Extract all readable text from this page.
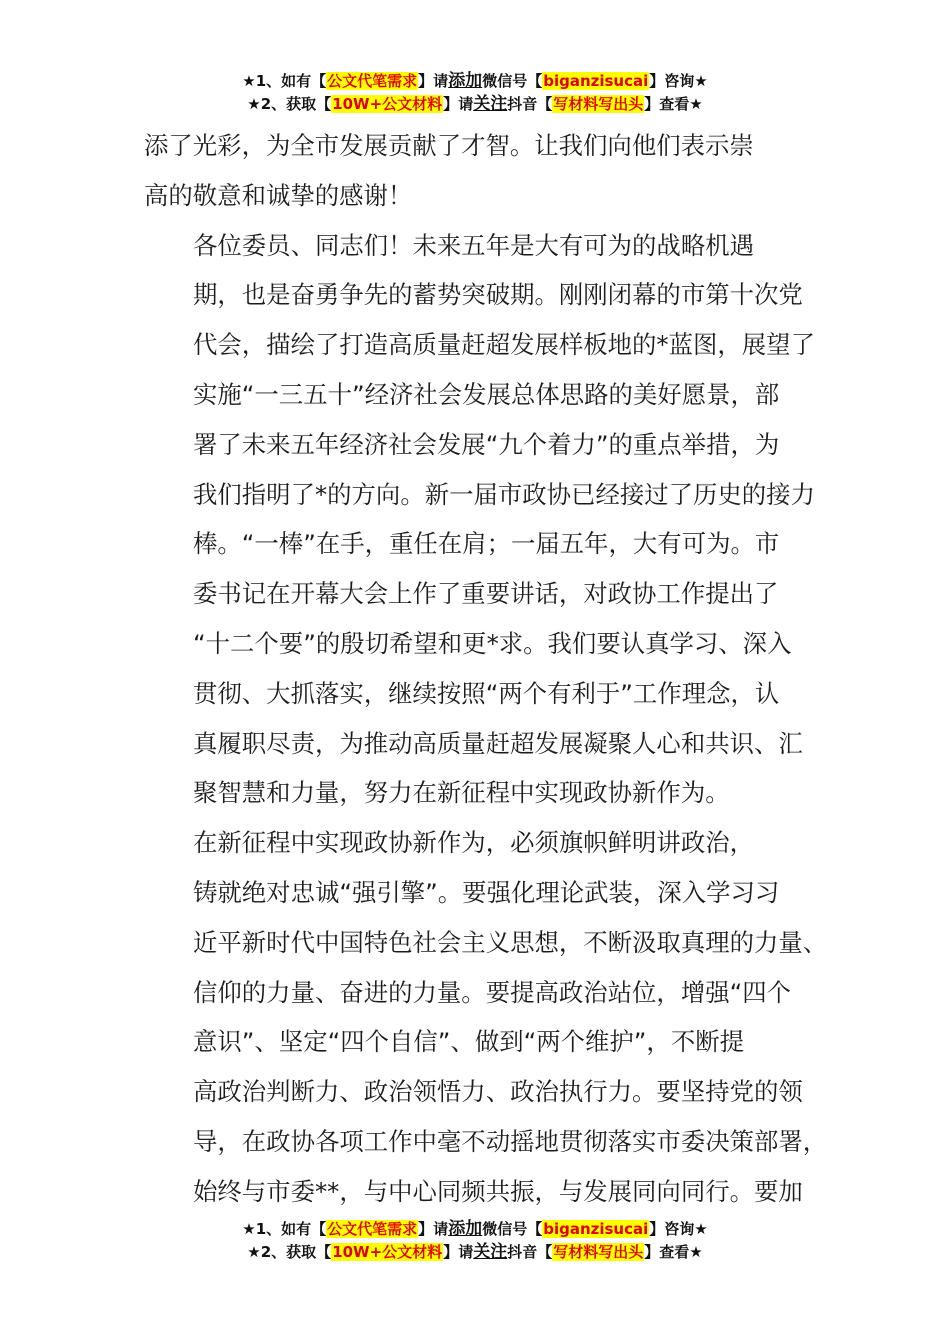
★1、如有【公文代笔需求】请添加微信号【biganzisucai】咨询★
★2、获取【10W+公文材料】请关注抖音【写材料写出头】查看★

添了光彩，为全市发展贡献了才智。让我们向他们表示崇
高的敬意和诚挚的感谢！

各位委员、同志们！未来五年是大有可为的战略机遇
期，也是奋勇争先的蓄势突破期。刚刚闭幕的市第十次党
代会，描绘了打造高质量赶超发展样板地的*蓝图，展望了
实施“一三五十”经济社会发展总体思路的美好愿景，部
署了未来五年经济社会发展“九个着力”的重点举措，为
我们指明了*的方向。新一届市政协已经接过了历史的接力
棒。“一棒”在手，重任在肩；一届五年，大有可为。市
委书记在开幕大会上作了重要讲话，对政协工作提出了
“十二个要”的殷切希望和更*求。我们要认真学习、深入
贯彻、大抓落实，继续按照“两个有利于”工作理念，认
真履职尽责，为推动高质量赶超发展凝聚人心和共识、汇
聚智慧和力量，努力在新征程中实现政协新作为。

在新征程中实现政协新作为，必须旗帜鲜明讲政治，
铸就绝对忠诚“强引擎”。要强化理论武装，深入学习习
近平新时代中国特色社会主义思想，不断汲取真理的力量、
信仰的力量、奋进的力量。要提高政治站位，增强“四个
意识”、坚定“四个自信”、做到“两个维护”，不断提
高政治判断力、政治领悟力、政治执行力。要坚持党的领
导，在政协各项工作中毫不动摇地贯彻落实市委决策部署，
始终与市委**，与中心同频共振，与发展同向同行。要加

★1、如有【公文代笔需求】请添加微信号【biganzisucai】咨询★
★2、获取【10W+公文材料】请关注抖音【写材料写出头】查看★
